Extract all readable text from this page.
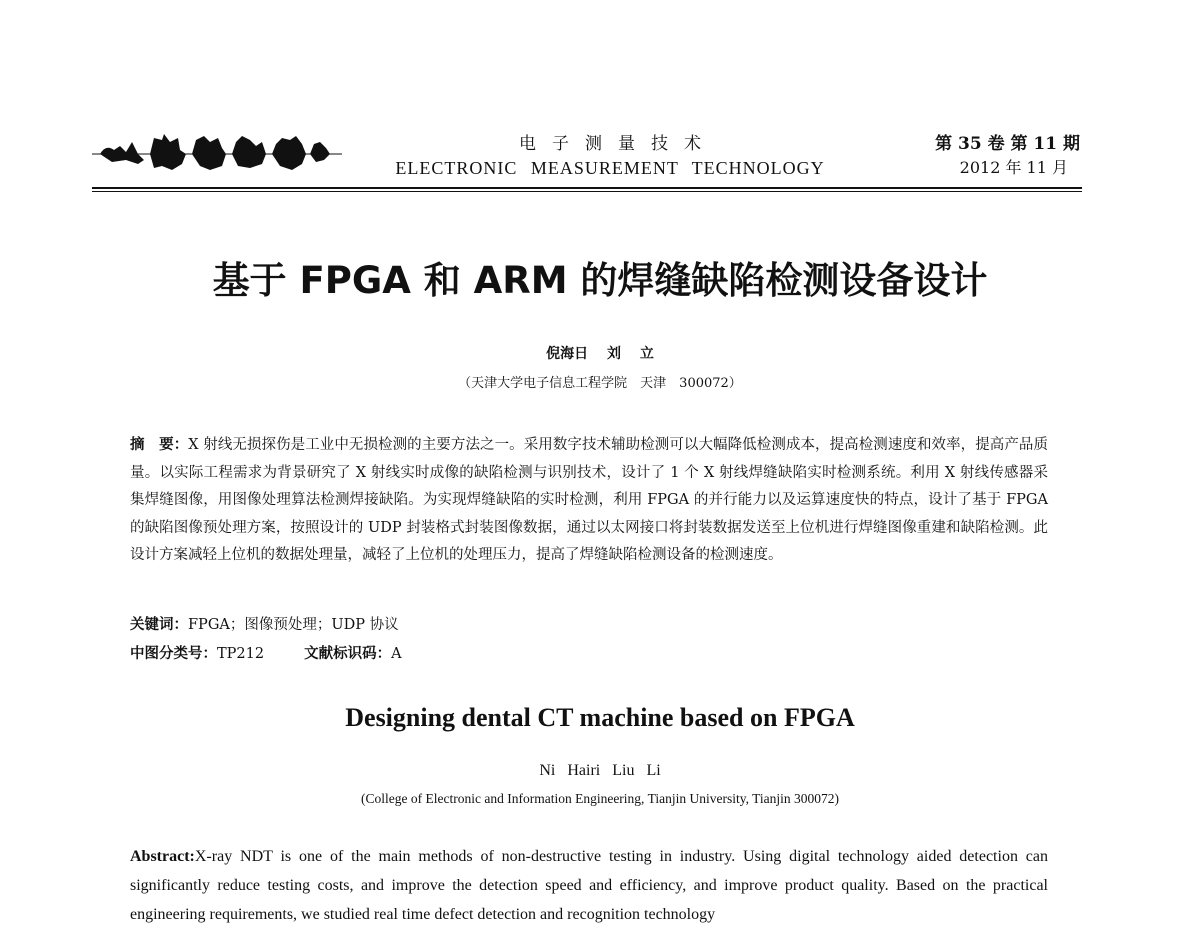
电子测量技术
ELECTRONIC MEASUREMENT TECHNOLOGY
第 35 卷 第 11 期
2012 年 11 月
基于 FPGA 和 ARM 的焊缝缺陷检测设备设计
倪海日 刘 立
（天津大学电子信息工程学院　天津　300072）
摘　要：X 射线无损探伤是工业中无损检测的主要方法之一。采用数字技术辅助检测可以大幅降低检测成本，提高检测速度和效率，提高产品质量。以实际工程需求为背景研究了 X 射线实时成像的缺陷检测与识别技术，设计了 1 个 X 射线焊缝缺陷实时检测系统。利用 X 射线传感器采集焊缝图像，用图像处理算法检测焊接缺陷。为实现焊缝缺陷的实时检测，利用 FPGA 的并行能力以及运算速度快的特点，设计了基于 FPGA 的缺陷图像预处理方案，按照设计的 UDP 封装格式封装图像数据，通过以太网接口将封装数据发送至上位机进行焊缝图像重建和缺陷检测。此设计方案减轻上位机的数据处理量，减轻了上位机的处理压力，提高了焊缝缺陷检测设备的检测速度。
关键词：FPGA；图像预处理；UDP 协议
中图分类号：TP212	文献标识码：A
Designing dental CT machine based on FPGA
Ni Hairi Liu Li
(College of Electronic and Information Engineering, Tianjin University, Tianjin 300072)
Abstract:X-ray NDT is one of the main methods of non-destructive testing in industry. Using digital technology aided detection can significantly reduce testing costs, and improve the detection speed and efficiency, and improve product quality. Based on the practical engineering requirements, we studied real time defect detection and recognition technology
